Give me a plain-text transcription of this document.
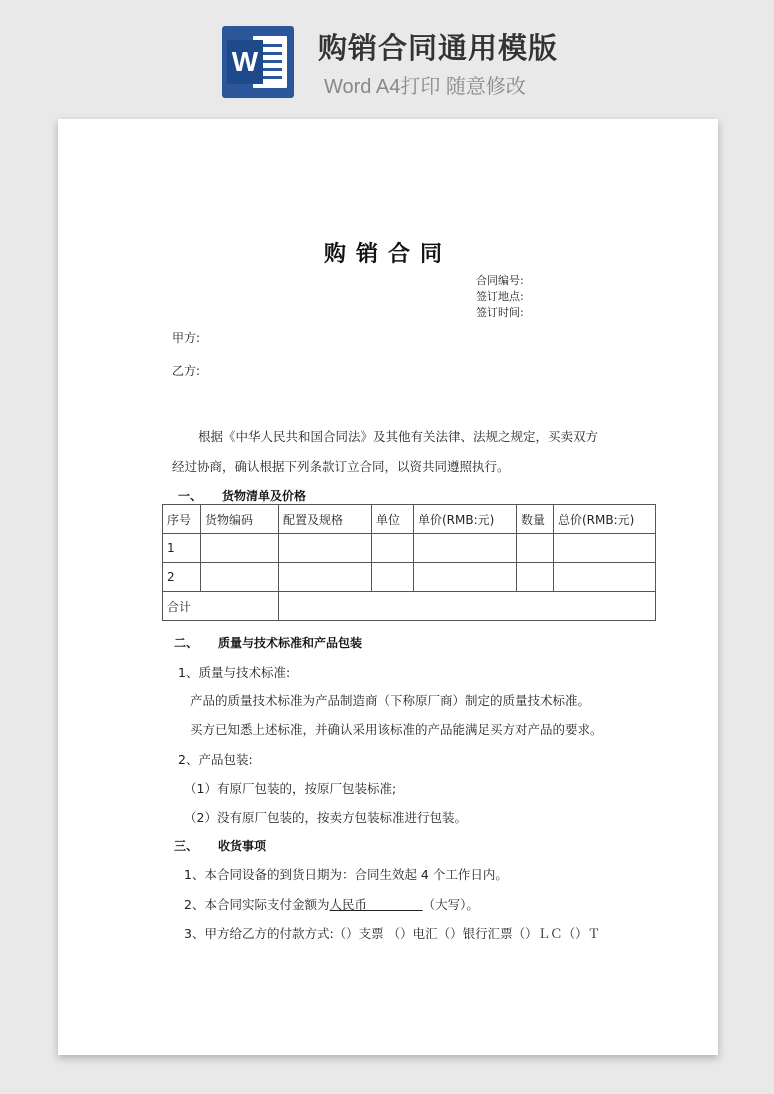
W 购销合同通用模版
Word A4打印 随意修改
购销合同
合同编号:
签订地点:
签订时间:
甲方:
乙方:
根据《中华人民共和国合同法》及其他有关法律、法规之规定，买卖双方
经过协商，确认根据下列条款订立合同，以资共同遵照执行。
一、 货物清单及价格
序号	货物编码	配置及规格	单位	单价(RMB:元)	数量	总价(RMB:元)
1						
2						
合计						
二、 质量与技术标准和产品包装
1、质量与技术标准:
产品的质量技术标准为产品制造商（下称原厂商）制定的质量技术标准。
买方已知悉上述标准，并确认采用该标准的产品能满足买方对产品的要求。
2、产品包装:
（1）有原厂包装的，按原厂包装标准;
（2）没有原厂包装的，按卖方包装标准进行包装。
三、 收货事项
1、本合同设备的到货日期为：合同生效起 4 个工作日内。
2、本合同实际支付金额为人民币	（大写）。
3、甲方给乙方的付款方式:（）支票 （）电汇（）银行汇票（）ＬＣ（）Ｔ
